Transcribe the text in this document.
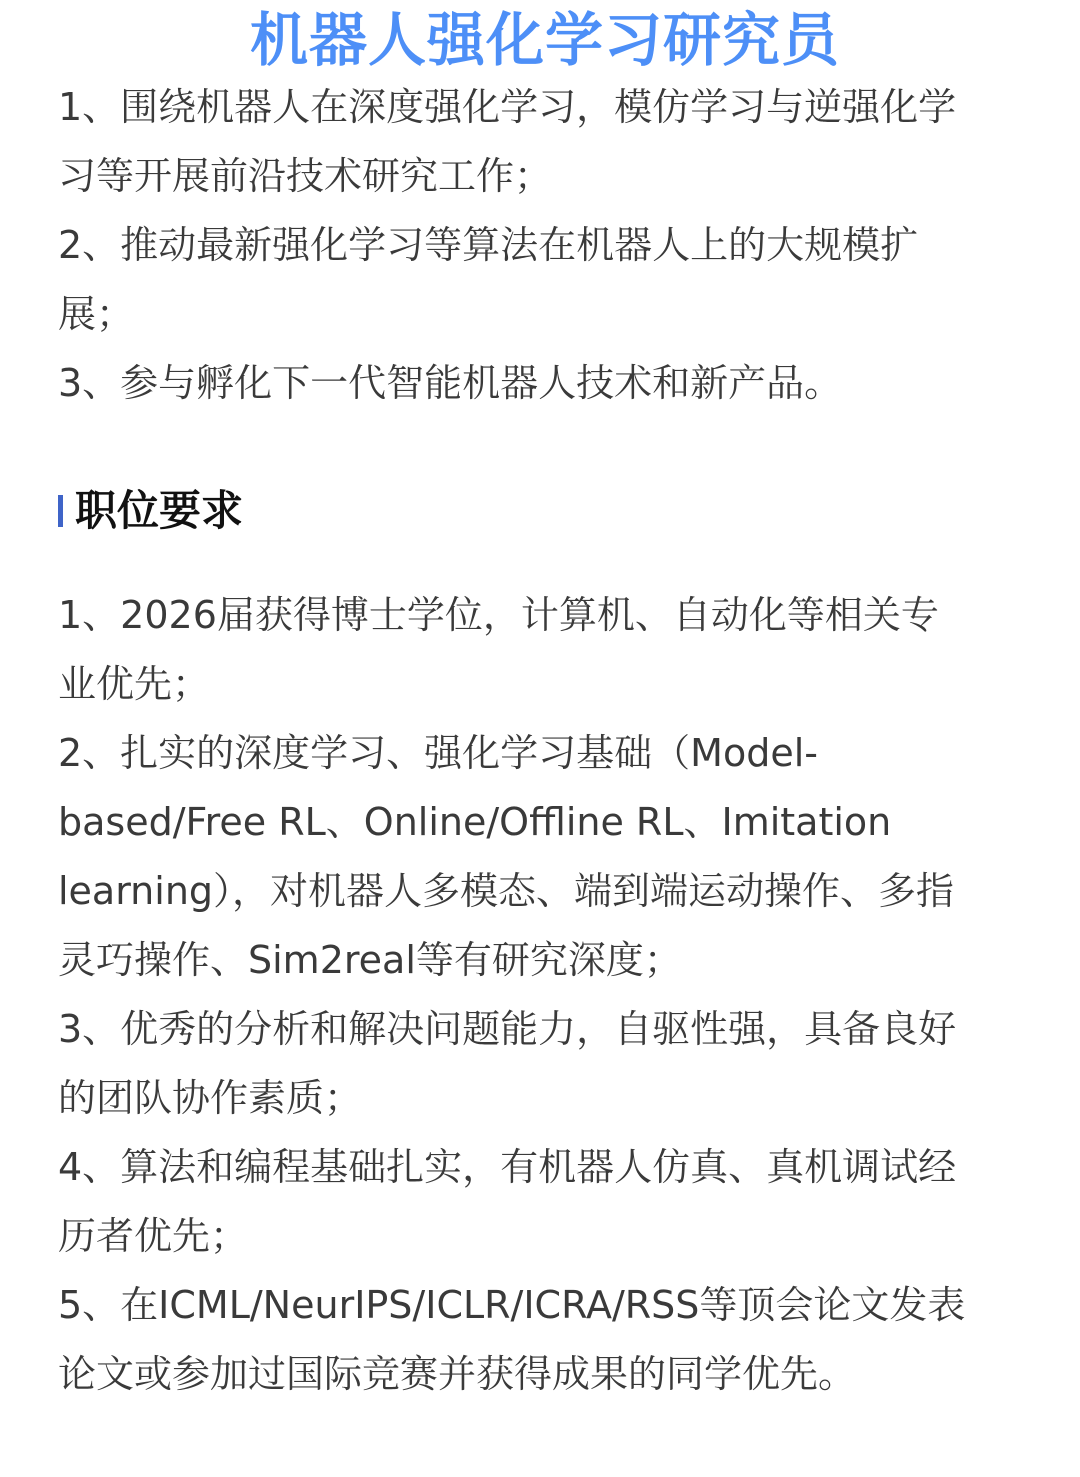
机器人强化学习研究员
1、围绕机器人在深度强化学习，模仿学习与逆强化学
习等开展前沿技术研究工作；
2、推动最新强化学习等算法在机器人上的大规模扩
展；
3、参与孵化下一代智能机器人技术和新产品。
职位要求
1、2026届获得博士学位，计算机、自动化等相关专
业优先；
2、扎实的深度学习、强化学习基础（Model-
based/Free RL、Online/Offline RL、Imitation
learning），对机器人多模态、端到端运动操作、多指
灵巧操作、Sim2real等有研究深度；
3、优秀的分析和解决问题能力，自驱性强，具备良好
的团队协作素质；
4、算法和编程基础扎实，有机器人仿真、真机调试经
历者优先；
5、在ICML/NeurIPS/ICLR/ICRA/RSS等顶会论文发表
论文或参加过国际竞赛并获得成果的同学优先。
